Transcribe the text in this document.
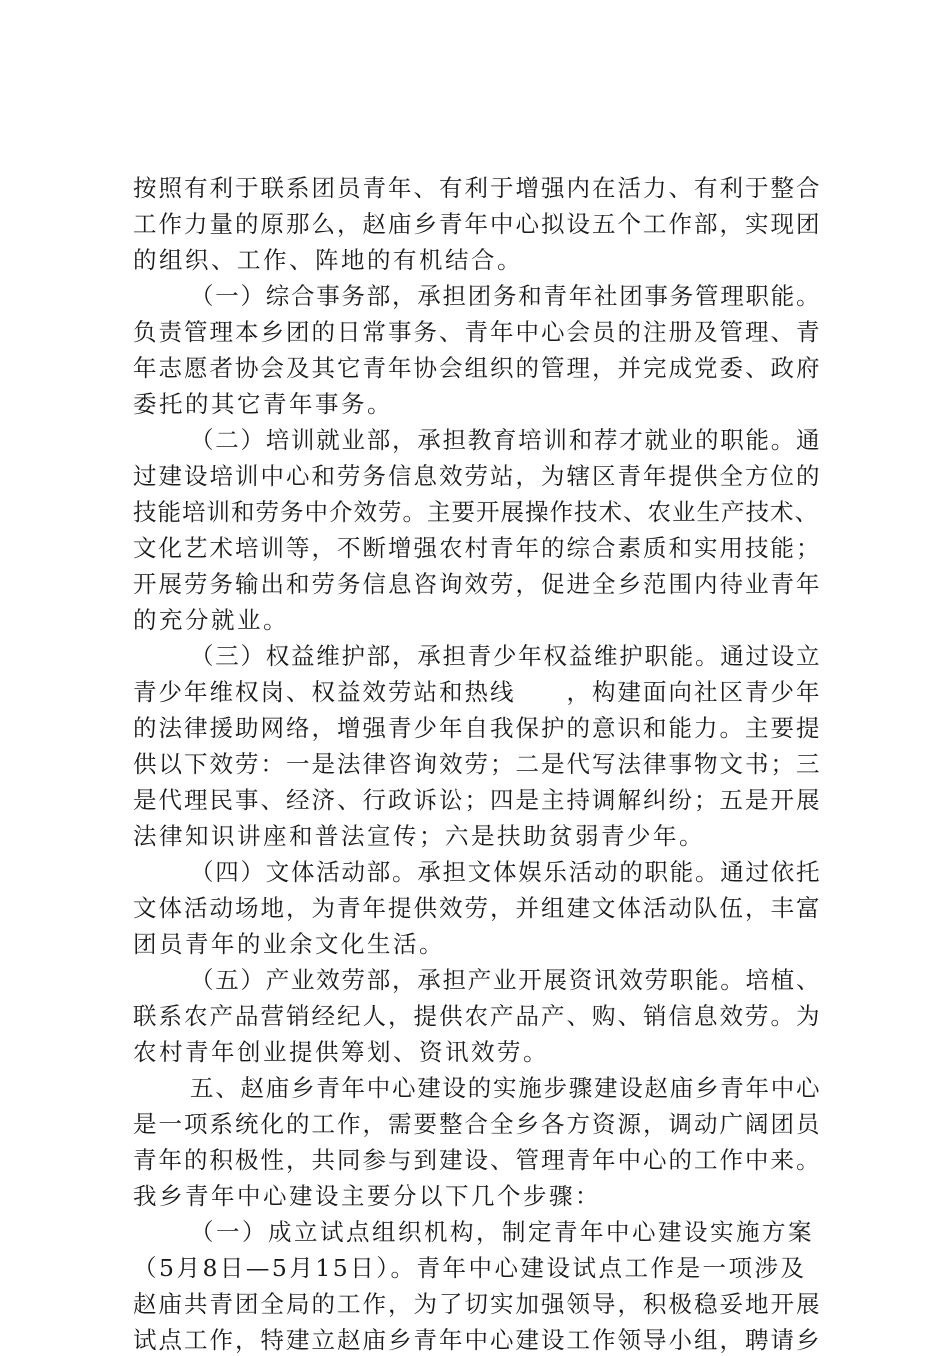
按照有利于联系团员青年、有利于增强内在活力、有利于整合
工作力量的原那么，赵庙乡青年中心拟设五个工作部，实现团
的组织、工作、阵地的有机结合。
（一）综合事务部，承担团务和青年社团事务管理职能。
负责管理本乡团的日常事务、青年中心会员的注册及管理、青
年志愿者协会及其它青年协会组织的管理，并完成党委、政府
委托的其它青年事务。
（二）培训就业部，承担教育培训和荐才就业的职能。通
过建设培训中心和劳务信息效劳站，为辖区青年提供全方位的
技能培训和劳务中介效劳。主要开展操作技术、农业生产技术、
文化艺术培训等，不断增强农村青年的综合素质和实用技能；
开展劳务输出和劳务信息咨询效劳，促进全乡范围内待业青年
的充分就业。
（三）权益维护部，承担青少年权益维护职能。通过设立
青少年维权岗、权益效劳站和热线　　，构建面向社区青少年
的法律援助网络，增强青少年自我保护的意识和能力。主要提
供以下效劳：一是法律咨询效劳；二是代写法律事物文书；三
是代理民事、经济、行政诉讼；四是主持调解纠纷；五是开展
法律知识讲座和普法宣传；六是扶助贫弱青少年。
（四）文体活动部。承担文体娱乐活动的职能。通过依托
文体活动场地，为青年提供效劳，并组建文体活动队伍，丰富
团员青年的业余文化生活。
（五）产业效劳部，承担产业开展资讯效劳职能。培植、
联系农产品营销经纪人，提供农产品产、购、销信息效劳。为
农村青年创业提供筹划、资讯效劳。
五、赵庙乡青年中心建设的实施步骤建设赵庙乡青年中心
是一项系统化的工作，需要整合全乡各方资源，调动广阔团员
青年的积极性，共同参与到建设、管理青年中心的工作中来。
我乡青年中心建设主要分以下几个步骤：
（一）成立试点组织机构，制定青年中心建设实施方案
（5月8日—5月15日）。青年中心建设试点工作是一项涉及
赵庙共青团全局的工作，为了切实加强领导，积极稳妥地开展
试点工作，特建立赵庙乡青年中心建设工作领导小组，聘请乡
